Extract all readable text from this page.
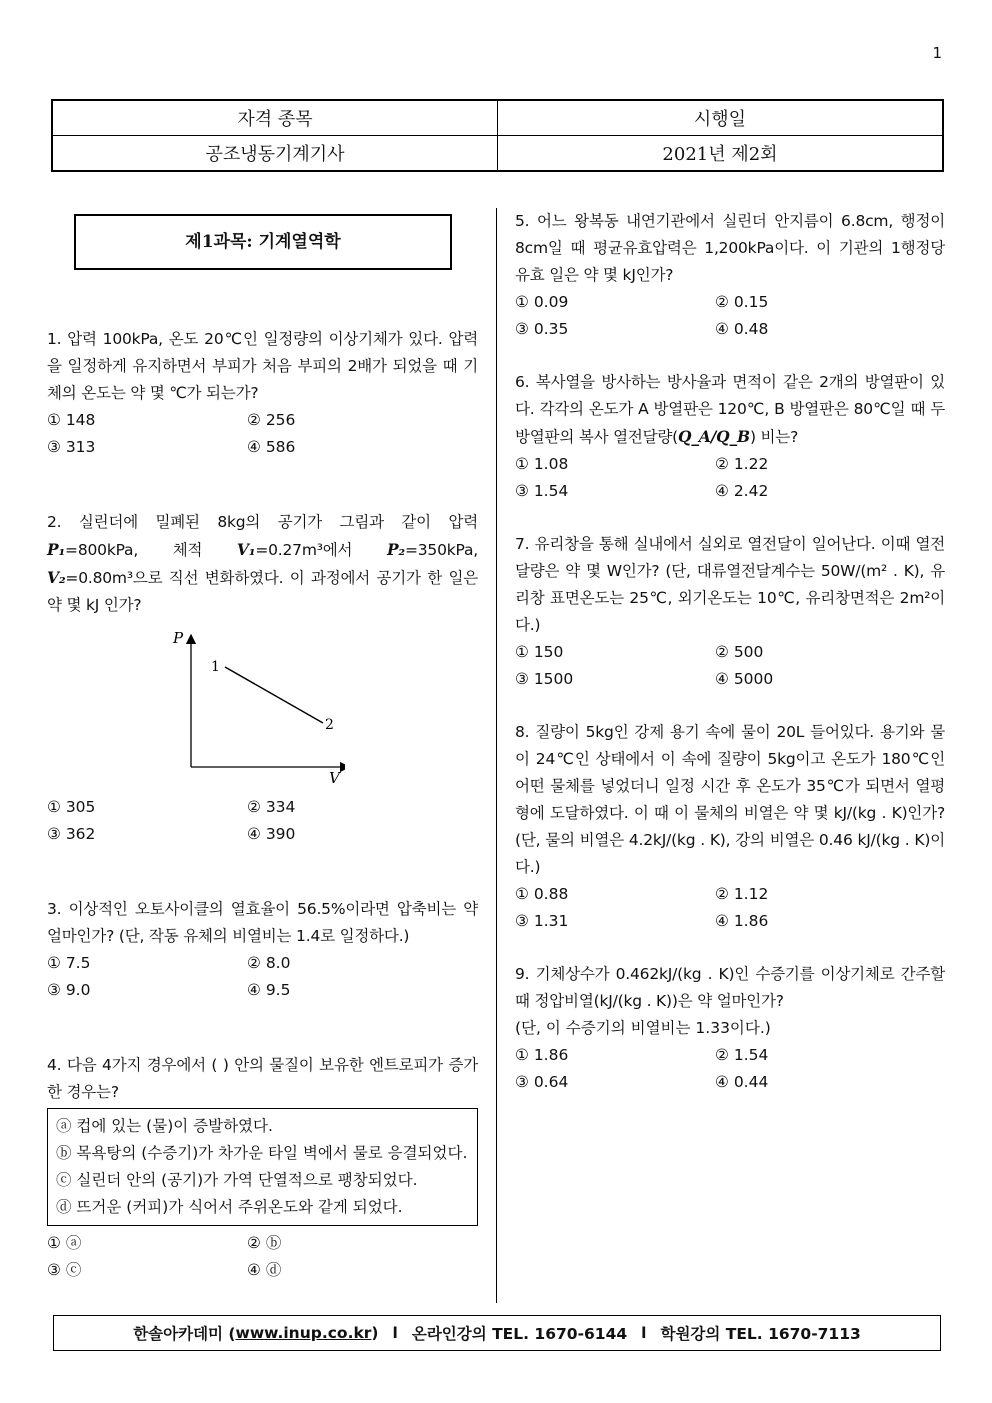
1
자격 종목	시행일
공조냉동기계기사	2021년 제2회
제1과목: 기계열역학
1. 압력 100kPa, 온도 20℃인 일정량의 이상기체가 있다. 압력을 일정하게 유지하면서 부피가 처음 부피의 2배가 되었을 때 기체의 온도는 약 몇 ℃가 되는가?
① 148	② 256
③ 313	④ 586
2. 실린더에 밀폐된 8kg의 공기가 그림과 같이 압력 P₁=800kPa, 체적 V₁=0.27m³에서 P₂=350kPa, V₂=0.80m³으로 직선 변화하였다. 이 과정에서 공기가 한 일은 약 몇 kJ 인가?
P
V
1
2
① 305	② 334
③ 362	④ 390
3. 이상적인 오토사이클의 열효율이 56.5%이라면 압축비는 약 얼마인가? (단, 작동 유체의 비열비는 1.4로 일정하다.)
① 7.5	② 8.0
③ 9.0	④ 9.5
4. 다음 4가지 경우에서 ( ) 안의 물질이 보유한 엔트로피가 증가한 경우는?
ⓐ 컵에 있는 (물)이 증발하였다.
ⓑ 목욕탕의 (수증기)가 차가운 타일 벽에서 물로 응결되었다.
ⓒ 실린더 안의 (공기)가 가역 단열적으로 팽창되었다.
ⓓ 뜨거운 (커피)가 식어서 주위온도와 같게 되었다.
① ⓐ	② ⓑ
③ ⓒ	④ ⓓ
5. 어느 왕복동 내연기관에서 실린더 안지름이 6.8cm, 행정이 8cm일 때 평균유효압력은 1,200kPa이다. 이 기관의 1행정당 유효 일은 약 몇 kJ인가?
① 0.09	② 0.15
③ 0.35	④ 0.48
6. 복사열을 방사하는 방사율과 면적이 같은 2개의 방열판이 있다. 각각의 온도가 A 방열판은 120℃, B 방열판은 80℃일 때 두 방열판의 복사 열전달량(Q_A/Q_B) 비는?
① 1.08	② 1.22
③ 1.54	④ 2.42
7. 유리창을 통해 실내에서 실외로 열전달이 일어난다. 이때 열전달량은 약 몇 W인가? (단, 대류열전달계수는 50W/(m² . K), 유리창 표면온도는 25℃, 외기온도는 10℃, 유리창면적은 2m²이다.)
① 150	② 500
③ 1500	④ 5000
8. 질량이 5kg인 강제 용기 속에 물이 20L 들어있다. 용기와 물이 24℃인 상태에서 이 속에 질량이 5kg이고 온도가 180℃인 어떤 물체를 넣었더니 일정 시간 후 온도가 35℃가 되면서 열평형에 도달하였다. 이 때 이 물체의 비열은 약 몇 kJ/(kg . K)인가? (단, 물의 비열은 4.2kJ/(kg . K), 강의 비열은 0.46 kJ/(kg . K)이다.)
① 0.88	② 1.12
③ 1.31	④ 1.86
9. 기체상수가 0.462kJ/(kg . K)인 수증기를 이상기체로 간주할 때 정압비열(kJ/(kg . K))은 약 얼마인가?
(단, 이 수증기의 비열비는 1.33이다.)
① 1.86	② 1.54
③ 0.64	④ 0.44
한솔아카데미 ( www.inup.co.kr ) l 온라인강의 TEL. 1670-6144 l 학원강의 TEL. 1670-7113
